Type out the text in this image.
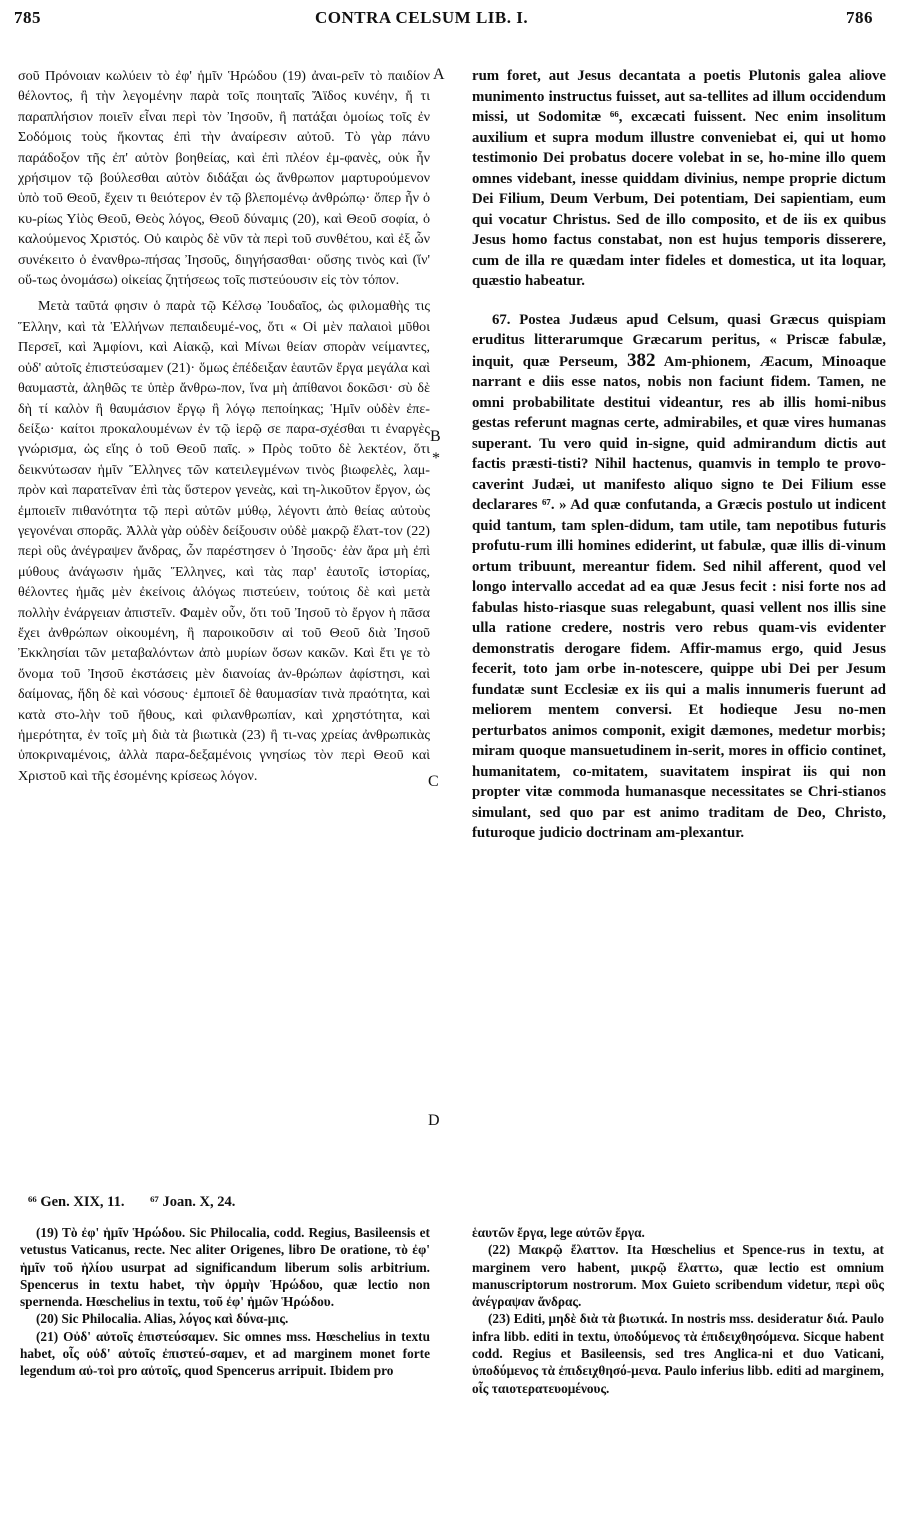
785	CONTRA CELSUM LIB. I.	786

σοῦ Πρόνοιαν κωλύειν τὸ ἐφ' ἡμῖν Ἡρώδου (19) ἀναι-ρεῖν τὸ παιδίον θέλοντος, ἢ τὴν λεγομένην παρὰ τοῖς ποιηταῖς Ἄϊδος κυνέην, ἤ τι παραπλήσιον ποιεῖν εἶναι περὶ τὸν Ἰησοῦν, ἢ πατάξαι ὁμοίως τοῖς ἐν Σοδόμοις τοὺς ἥκοντας ἐπὶ τὴν ἀναίρεσιν αὐτοῦ. Τὸ γὰρ πάνυ παράδοξον τῆς ἐπ' αὐτὸν βοηθείας, καὶ ἐπὶ πλέον ἐμ-φανὲς, οὐκ ἦν χρήσιμον τῷ βούλεσθαι αὐτὸν διδάξαι ὡς ἄνθρωπον μαρτυρούμενον ὑπὸ τοῦ Θεοῦ, ἔχειν τι θειότερον ἐν τῷ βλεπομένῳ ἀνθρώπῳ· ὅπερ ἦν ὁ κυ-ρίως Υἱὸς Θεοῦ, Θεὸς λόγος, Θεοῦ δύναμις (20), καὶ Θεοῦ σοφία, ὁ καλούμενος Χριστός. Οὐ καιρὸς δὲ νῦν τὰ περὶ τοῦ συνθέτου, καὶ ἐξ ὧν συνέκειτο ὁ ἐνανθρω-πήσας Ἰησοῦς, διηγήσασθαι· οὔσης τινὸς καὶ (ἵν' οὕ-τως ὀνομάσω) οἰκείας ζητήσεως τοῖς πιστεύουσιν εἰς τὸν τόπον.

Μετὰ ταῦτά φησιν ὁ παρὰ τῷ Κέλσῳ Ἰουδαῖος, ὡς φιλομαθὴς τις Ἕλλην, καὶ τὰ Ἑλλήνων πεπαιδευμέ-νος, ὅτι « Οἱ μὲν παλαιοὶ μῦθοι Περσεῖ, καὶ Ἀμφίονι, καὶ Αἰακῷ, καὶ Μίνωι θείαν σπορὰν νείμαντες, οὐδ' αὐτοῖς ἐπιστεύσαμεν (21)· ὅμως ἐπέδειξαν ἑαυτῶν ἔργα μεγάλα καὶ θαυμαστὰ, ἀληθῶς τε ὑπὲρ ἄνθρω-πον, ἵνα μὴ ἀπίθανοι δοκῶσι· σὺ δὲ δὴ τί καλὸν ἢ θαυμάσιον ἔργῳ ἢ λόγῳ πεποίηκας; Ἡμῖν οὐδὲν ἐπε-δείξω· καίτοι προκαλουμένων ἐν τῷ ἱερῷ σε παρα-σχέσθαι τι ἐναργὲς γνώρισμα, ὡς εἴης ὁ τοῦ Θεοῦ παῖς. » Πρὸς τοῦτο δὲ λεκτέον, ὅτι δεικνύτωσαν ἡμῖν Ἕλληνες τῶν κατειλεγμένων τινὸς βιωφελὲς, λαμ-πρὸν καὶ παρατεῖναν ἐπὶ τὰς ὕστερον γενεὰς, καὶ τη-λικοῦτον ἔργον, ὡς ἐμποιεῖν πιθανότητα τῷ περὶ αὐτῶν μύθῳ, λέγοντι ἀπὸ θείας αὐτοὺς γεγονέναι σπορᾶς. Ἀλλὰ γὰρ οὐδὲν δείξουσιν οὐδὲ μακρῷ ἔλατ-τον (22) περὶ οὓς ἀνέγραψεν ἄνδρας, ὧν παρέστησεν ὁ Ἰησοῦς· ἐὰν ἄρα μὴ ἐπὶ μύθους ἀνάγωσιν ἡμᾶς Ἕλληνες, καὶ τὰς παρ' ἑαυτοῖς ἱστορίας, θέλοντες ἡμᾶς μὲν ἐκείνοις ἀλόγως πιστεύειν, τούτοις δὲ καὶ μετὰ πολλὴν ἐνάργειαν ἀπιστεῖν. Φαμὲν οὖν, ὅτι τοῦ Ἰησοῦ τὸ ἔργον ἡ πᾶσα ἔχει ἀνθρώπων οἰκουμένη, ἣ παροικοῦσιν αἱ τοῦ Θεοῦ διὰ Ἰησοῦ Ἐκκλησίαι τῶν μεταβαλόντων ἀπὸ μυρίων ὅσων κακῶν. Καὶ ἔτι γε τὸ ὄνομα τοῦ Ἰησοῦ ἐκστάσεις μὲν διανοίας ἀν-θρώπων ἀφίστησι, καὶ δαίμονας, ἤδη δὲ καὶ νόσους· ἐμποιεῖ δὲ θαυμασίαν τινὰ πραότητα, καὶ κατὰ στο-λὴν τοῦ ἤθους, καὶ φιλανθρωπίαν, καὶ χρηστότητα, καὶ ἡμερότητα, ἐν τοῖς μὴ διὰ τὰ βιωτικὰ (23) ἢ τι-νας χρείας ἀνθρωπικὰς ὑποκριναμένοις, ἀλλὰ παρα-δεξαμένοις γνησίως τὸν περὶ Θεοῦ καὶ Χριστοῦ καὶ τῆς ἐσομένης κρίσεως λόγον.

A
B
*
C
D

rum foret, aut Jesus decantata a poetis Plutonis galea aliove munimento instructus fuisset, aut sa-tellites ad illum occidendum missi, ut Sodomitæ ⁶⁶, excæcati fuissent. Nec enim insolitum auxilium et supra modum illustre conveniebat ei, qui ut homo testimonio Dei probatus docere volebat in se, ho-mine illo quem omnes videbant, inesse quiddam divinius, nempe proprie dictum Dei Filium, Deum Verbum, Dei potentiam, Dei sapientiam, eum qui vocatur Christus. Sed de illo composito, et de iis ex quibus Jesus homo factus constabat, non est hujus temporis disserere, cum de illa re quædam inter fideles et domestica, ut ita loquar, quæstio habeatur.

67. Postea Judæus apud Celsum, quasi Græcus quispiam eruditus litterarumque Græcarum peritus, « Priscæ fabulæ, inquit, quæ Perseum, 382 Am-phionem, Æacum, Minoaque narrant e diis esse natos, nobis non faciunt fidem. Tamen, ne omni probabilitate destitui videantur, res ab illis homi-nibus gestas referunt magnas certe, admirabiles, et quæ vires humanas superant. Tu vero quid in-signe, quid admirandum dictis aut factis præsti-tisti? Nihil hactenus, quamvis in templo te provo-caverint Judæi, ut manifesto aliquo signo te Dei Filium esse declarares ⁶⁷. » Ad quæ confutanda, a Græcis postulo ut indicent quid tantum, tam splen-didum, tam utile, tam nepotibus futuris profutu-rum illi homines ediderint, ut fabulæ, quæ illis di-vinum ortum tribuunt, mereantur fidem. Sed nihil afferent, quod vel longo intervallo accedat ad ea quæ Jesus fecit : nisi forte nos ad fabulas histo-riasque suas relegabunt, quasi vellent nos illis sine ulla ratione credere, nostris vero rebus quam-vis evidenter demonstratis derogare fidem. Affir-mamus ergo, quid Jesus fecerit, toto jam orbe in-notescere, quippe ubi Dei per Jesum fundatæ sunt Ecclesiæ ex iis qui a malis innumeris fuerunt ad meliorem mentem conversi. Et hodieque Jesu no-men perturbatos animos componit, exigit dæmones, medetur morbis; miram quoque mansuetudinem in-serit, mores in officio continet, humanitatem, co-mitatem, suavitatem inspirat iis qui non propter vitæ commoda humanasque necessitates se Chri-stianos simulant, sed quo par est animo traditam de Deo, Christo, futuroque judicio doctrinam am-plexantur.

⁶⁶ Gen. XIX, 11. ⁶⁷ Joan. X, 24.

(19) Τὸ ἐφ' ἡμῖν Ἡρώδου. Sic Philocalia, codd. Regius, Basileensis et vetustus Vaticanus, recte. Nec aliter Origenes, libro De oratione, τὸ ἐφ' ἡμῖν τοῦ ἡλίου usurpat ad significandum liberum solis arbitrium. Spencerus in textu habet, τὴν ὁρμὴν Ἡρώδου, quæ lectio non spernenda. Hœschelius in textu, τοῦ ἐφ' ἡμῶν Ἡρώδου.

(20) Sic Philocalia. Alias, λόγος καὶ δύνα-μις.

(21) Οὐδ' αὐτοῖς ἐπιστεύσαμεν. Sic omnes mss. Hœschelius in textu habet, οἷς οὐδ' αὐτοῖς ἐπιστεύ-σαμεν, et ad marginem monet forte legendum αὐ-τοὶ pro αὐτοῖς, quod Spencerus arripuit. Ibidem pro

ἑαυτῶν ἔργα, lege αὐτῶν ἔργα.

(22) Μακρῷ ἔλαττον. Ita Hœschelius et Spence-rus in textu, at marginem vero habent, μικρῷ ἔλαττω, quæ lectio est omnium manuscriptorum nostrorum. Mox Guieto scribendum videtur, περὶ οὓς ἀνέγραψαν ἄνδρας.

(23) Editi, μηδὲ διὰ τὰ βιωτικά. In nostris mss. desideratur διά. Paulo infra libb. editi in textu, ὑποδύμενος τὰ ἐπιδειχθησόμενα. Sicque habent codd. Regius et Basileensis, sed tres Anglica-ni et duo Vaticani, ὑποδύμενος τὰ ἐπιδειχθησό-μενα. Paulo inferius libb. editi ad marginem, οἷς ταιοτερατευομένους.
